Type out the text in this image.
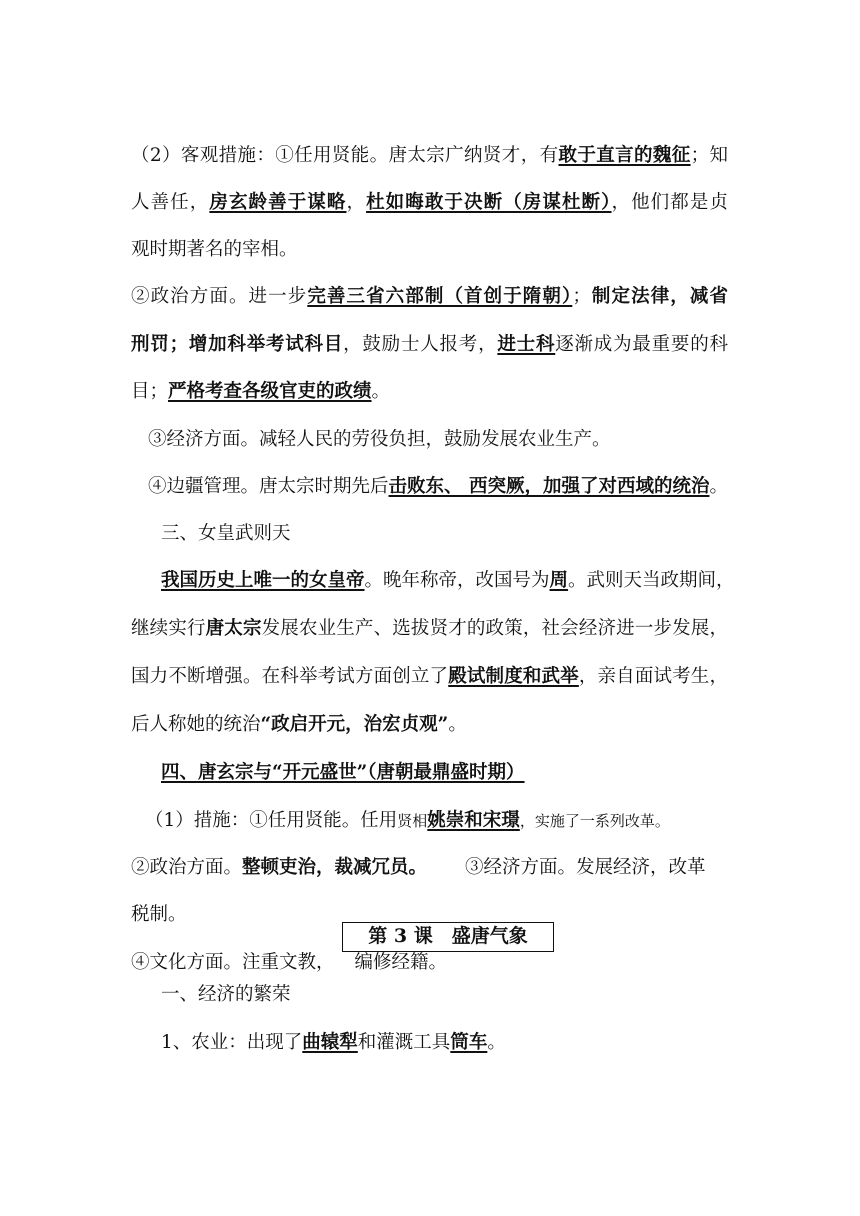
（2）客观措施：①任用贤能。唐太宗广纳贤才，有敢于直言的魏征；知
人善任，房玄龄善于谋略，杜如晦敢于决断（房谋杜断），他们都是贞
观时期著名的宰相。
②政治方面。进一步完善三省六部制（首创于隋朝）；制定法律，减省
刑罚；增加科举考试科目，鼓励士人报考，进士科逐渐成为最重要的科
目；严格考查各级官吏的政绩。
③经济方面。减轻人民的劳役负担，鼓励发展农业生产。
④边疆管理。唐太宗时期先后击败东、 西突厥，加强了对西域的统治。
三、女皇武则天
我国历史上唯一的女皇帝。晚年称帝，改国号为周。武则天当政期间，
继续实行唐太宗发展农业生产、选拔贤才的政策，社会经济进一步发展，
国力不断增强。在科举考试方面创立了殿试制度和武举，亲自面试考生，
后人称她的统治“政启开元，治宏贞观”。
四、唐玄宗与“开元盛世”（唐朝最鼎盛时期）
（1）措施：①任用贤能。任用贤相姚崇和宋璟，实施了一系列改革。
②政治方面。整顿吏治，裁减冗员。 ③经济方面。发展经济，改革
税制。
④文化方面。注重文教， 编修经籍。
第 3 课　盛唐气象
一、经济的繁荣
1、农业：出现了曲辕犁和灌溉工具筒车。
